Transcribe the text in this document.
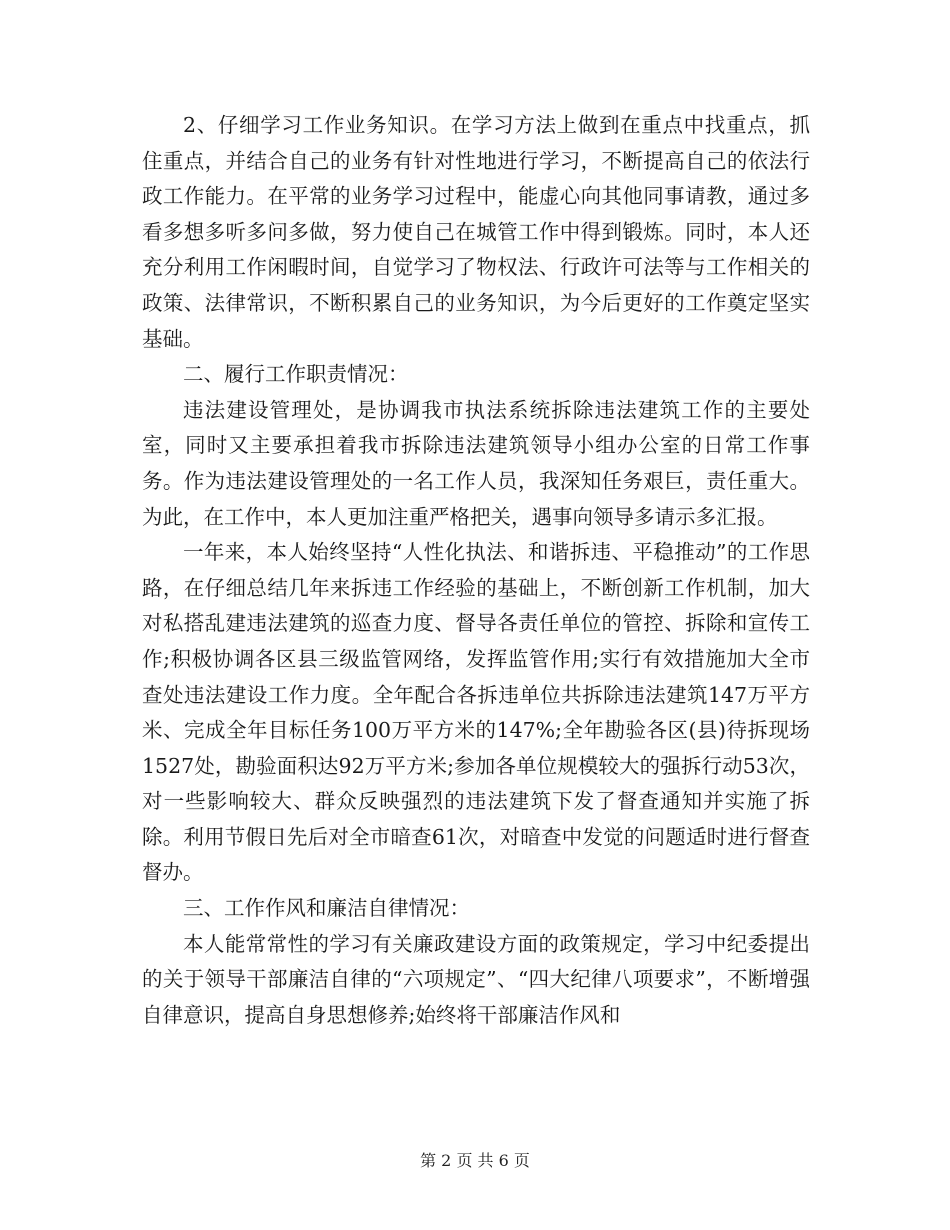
2、仔细学习工作业务知识。在学习方法上做到在重点中找重点，抓住重点，并结合自己的业务有针对性地进行学习，不断提高自己的依法行政工作能力。在平常的业务学习过程中，能虚心向其他同事请教，通过多看多想多听多问多做，努力使自己在城管工作中得到锻炼。同时，本人还充分利用工作闲暇时间，自觉学习了物权法、行政许可法等与工作相关的政策、法律常识，不断积累自己的业务知识，为今后更好的工作奠定坚实基础。

二、履行工作职责情况：

违法建设管理处，是协调我市执法系统拆除违法建筑工作的主要处室，同时又主要承担着我市拆除违法建筑领导小组办公室的日常工作事务。作为违法建设管理处的一名工作人员，我深知任务艰巨，责任重大。为此，在工作中，本人更加注重严格把关，遇事向领导多请示多汇报。

一年来，本人始终坚持“人性化执法、和谐拆违、平稳推动”的工作思路，在仔细总结几年来拆违工作经验的基础上，不断创新工作机制，加大对私搭乱建违法建筑的巡查力度、督导各责任单位的管控、拆除和宣传工作;积极协调各区县三级监管网络，发挥监管作用;实行有效措施加大全市查处违法建设工作力度。全年配合各拆违单位共拆除违法建筑147万平方米、完成全年目标任务100万平方米的147%;全年勘验各区(县)待拆现场1527处，勘验面积达92万平方米;参加各单位规模较大的强拆行动53次，对一些影响较大、群众反映强烈的违法建筑下发了督查通知并实施了拆除。利用节假日先后对全市暗查61次，对暗查中发觉的问题适时进行督查督办。

三、工作作风和廉洁自律情况：

本人能常常性的学习有关廉政建设方面的政策规定，学习中纪委提出的关于领导干部廉洁自律的“六项规定”、“四大纪律八项要求”，不断增强自律意识，提高自身思想修养;始终将干部廉洁作风和

第 2 页 共 6 页
